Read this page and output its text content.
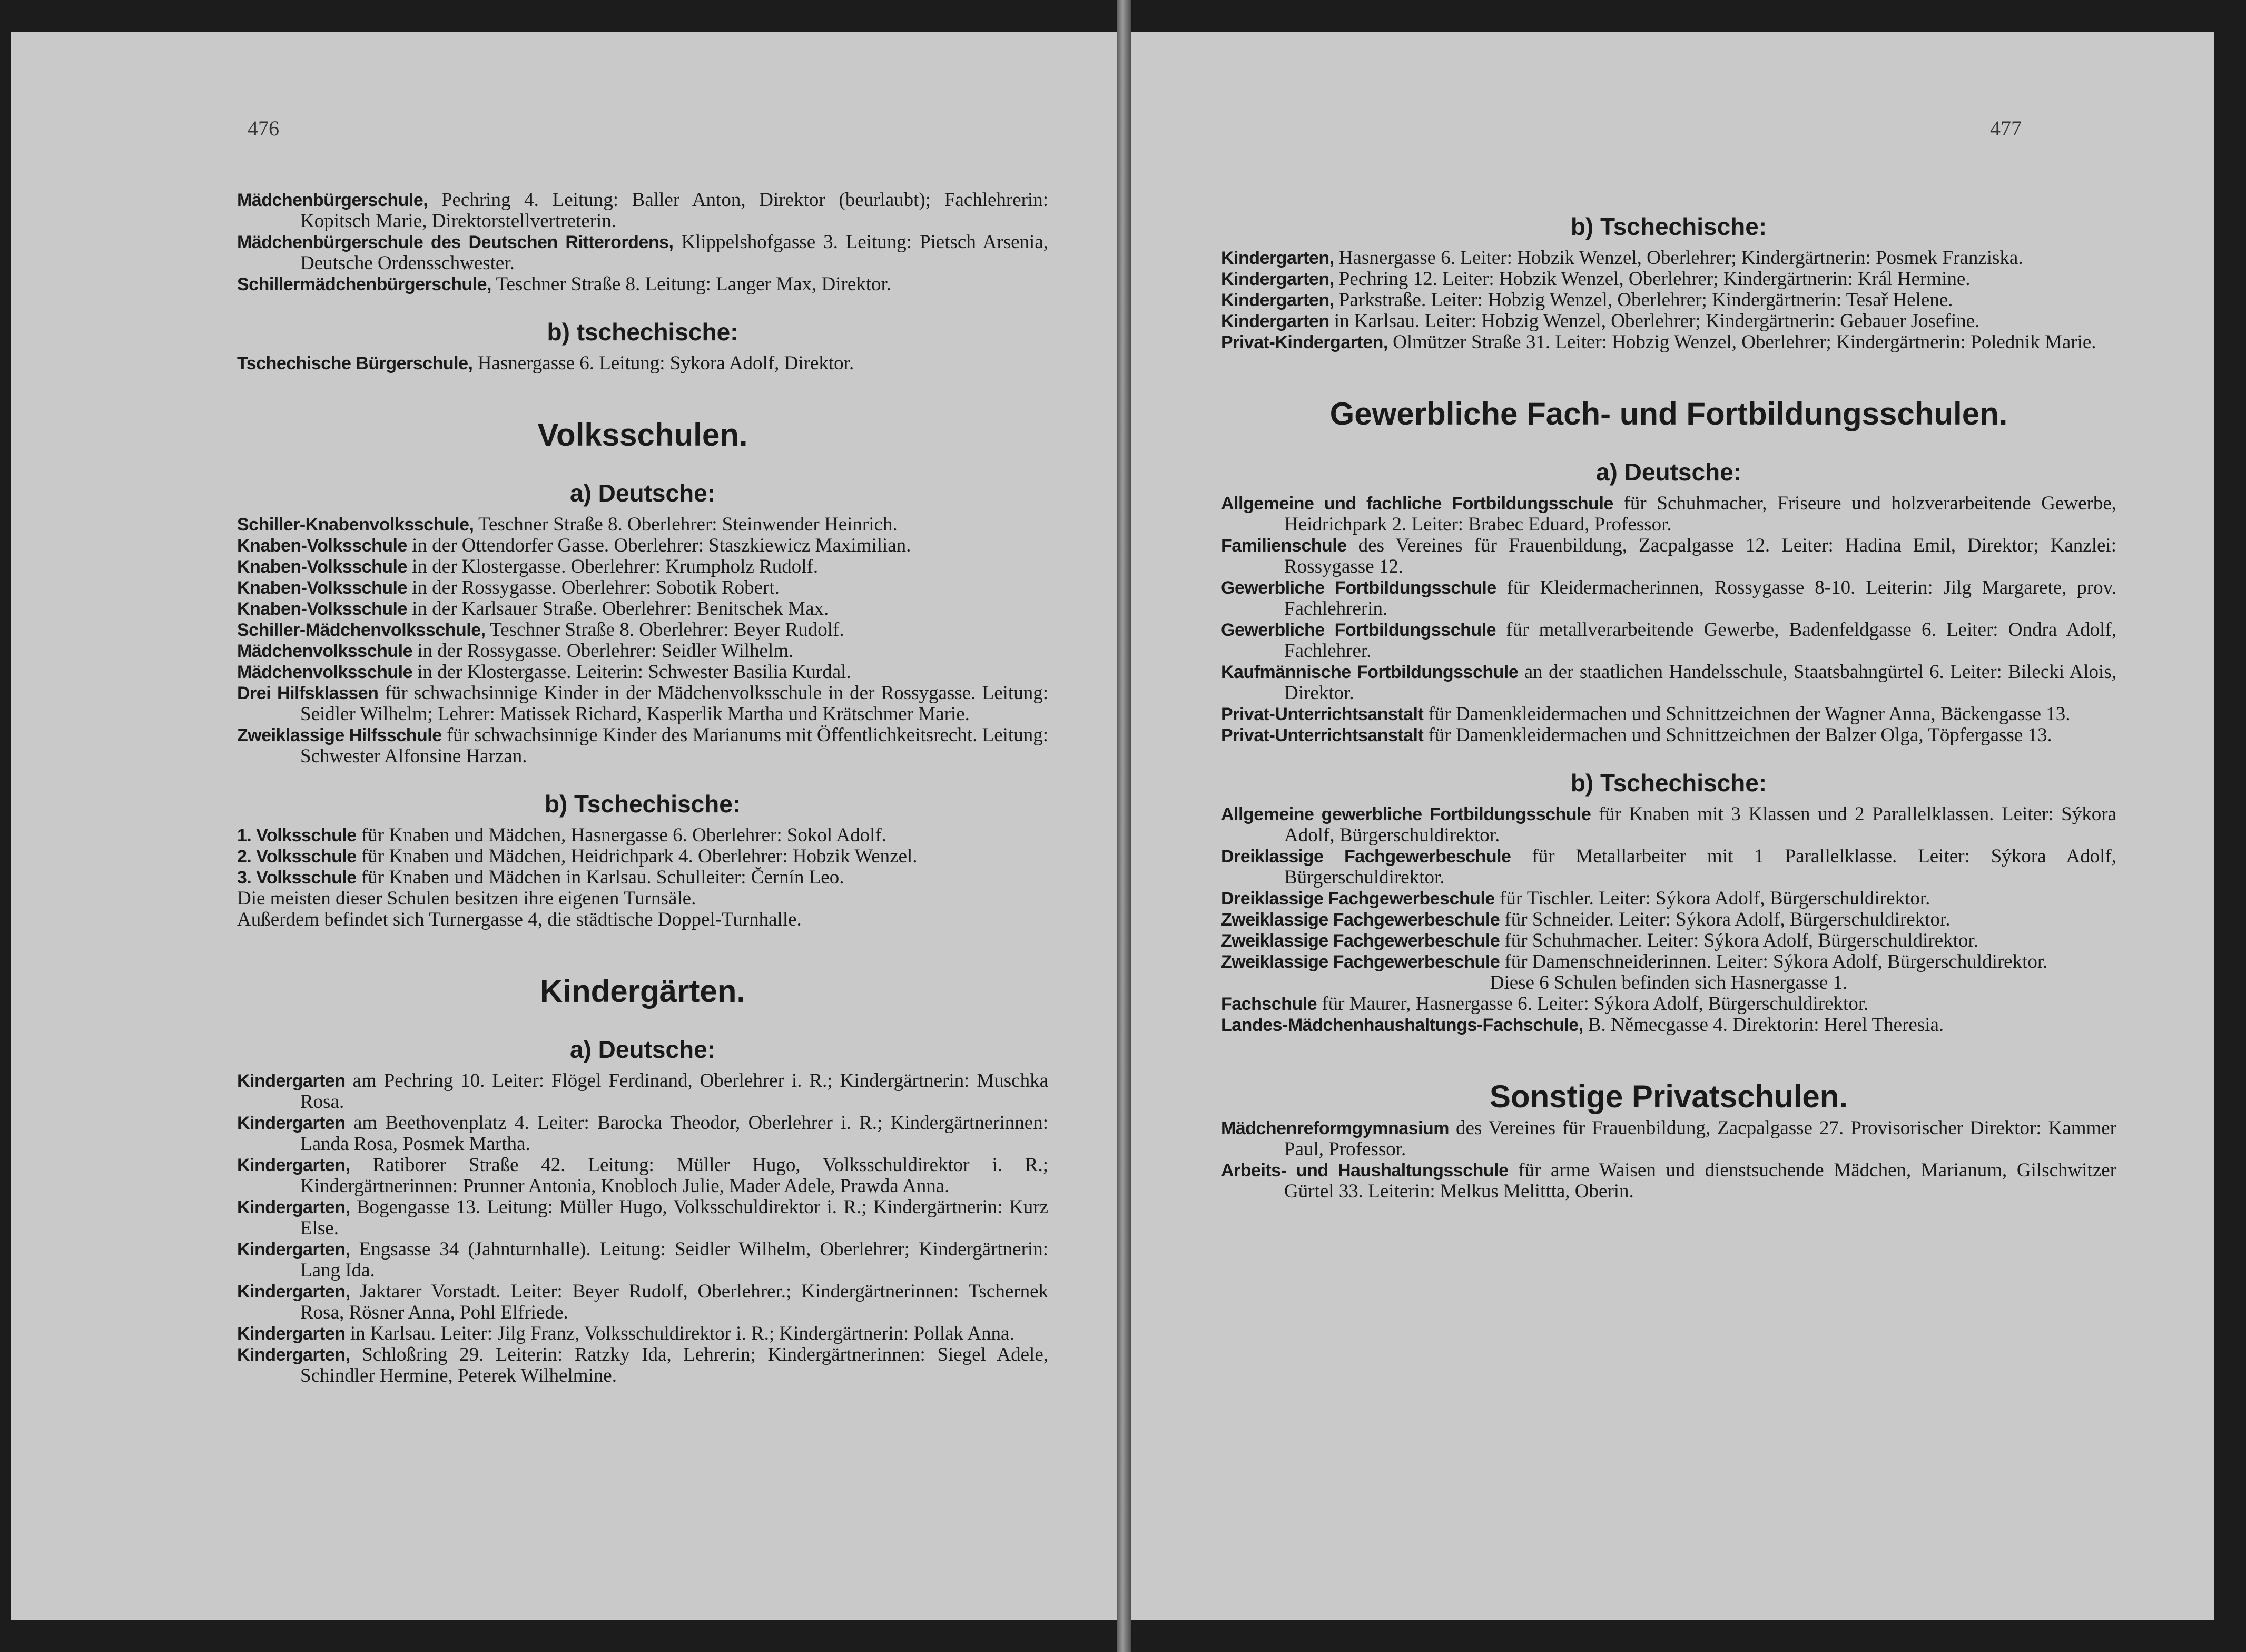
476

Mädchenbürgerschule, Pechring 4. Leitung: Baller Anton, Direktor (beurlaubt); Fachlehrerin: Kopitsch Marie, Direktorstellvertreterin.

Mädchenbürgerschule des Deutschen Ritterordens, Klippelshofgasse 3. Leitung: Pietsch Arsenia, Deutsche Ordensschwester.

Schillermädchenbürgerschule, Teschner Straße 8. Leitung: Langer Max, Direktor.

b) tschechische:

Tschechische Bürgerschule, Hasnergasse 6. Leitung: Sykora Adolf, Direktor.

Volksschulen.
a) Deutsche:

Schiller-Knabenvolksschule, Teschner Straße 8. Oberlehrer: Steinwender Heinrich.

Knaben-Volksschule in der Ottendorfer Gasse. Oberlehrer: Staszkiewicz Maximilian.

Knaben-Volksschule in der Klostergasse. Oberlehrer: Krumpholz Rudolf.

Knaben-Volksschule in der Rossygasse. Oberlehrer: Sobotik Robert.

Knaben-Volksschule in der Karlsauer Straße. Oberlehrer: Benitschek Max.

Schiller-Mädchenvolksschule, Teschner Straße 8. Oberlehrer: Beyer Rudolf.

Mädchenvolksschule in der Rossygasse. Oberlehrer: Seidler Wilhelm.

Mädchenvolksschule in der Klostergasse. Leiterin: Schwester Basilia Kurdal.

Drei Hilfsklassen für schwachsinnige Kinder in der Mädchenvolksschule in der Rossygasse. Leitung: Seidler Wilhelm; Lehrer: Matissek Richard, Kasperlik Martha und Krätschmer Marie.

Zweiklassige Hilfsschule für schwachsinnige Kinder des Marianums mit Öffentlichkeitsrecht. Leitung: Schwester Alfonsine Harzan.

b) Tschechische:

1. Volksschule für Knaben und Mädchen, Hasnergasse 6. Oberlehrer: Sokol Adolf.

2. Volksschule für Knaben und Mädchen, Heidrichpark 4. Oberlehrer: Hobzik Wenzel.

3. Volksschule für Knaben und Mädchen in Karlsau. Schulleiter: Černín Leo.

Die meisten dieser Schulen besitzen ihre eigenen Turnsäle.

Außerdem befindet sich Turnergasse 4, die städtische Doppel-Turnhalle.

Kindergärten.
a) Deutsche:

Kindergarten am Pechring 10. Leiter: Flögel Ferdinand, Oberlehrer i. R.; Kindergärtnerin: Muschka Rosa.

Kindergarten am Beethovenplatz 4. Leiter: Barocka Theodor, Oberlehrer i. R.; Kindergärtnerinnen: Landa Rosa, Posmek Martha.

Kindergarten, Ratiborer Straße 42. Leitung: Müller Hugo, Volksschuldirektor i. R.; Kindergärtnerinnen: Prunner Antonia, Knobloch Julie, Mader Adele, Prawda Anna.

Kindergarten, Bogengasse 13. Leitung: Müller Hugo, Volksschuldirektor i. R.; Kindergärtnerin: Kurz Else.

Kindergarten, Engsasse 34 (Jahnturnhalle). Leitung: Seidler Wilhelm, Oberlehrer; Kindergärtnerin: Lang Ida.

Kindergarten, Jaktarer Vorstadt. Leiter: Beyer Rudolf, Oberlehrer.; Kindergärtnerinnen: Tschernek Rosa, Rösner Anna, Pohl Elfriede.

Kindergarten in Karlsau. Leiter: Jilg Franz, Volksschuldirektor i. R.; Kindergärtnerin: Pollak Anna.

Kindergarten, Schloßring 29. Leiterin: Ratzky Ida, Lehrerin; Kindergärtnerinnen: Siegel Adele, Schindler Hermine, Peterek Wilhelmine.

477
b) Tschechische:

Kindergarten, Hasnergasse 6. Leiter: Hobzik Wenzel, Oberlehrer; Kindergärtnerin: Posmek Franziska.

Kindergarten, Pechring 12. Leiter: Hobzik Wenzel, Oberlehrer; Kindergärtnerin: Král Hermine.

Kindergarten, Parkstraße. Leiter: Hobzig Wenzel, Oberlehrer; Kindergärtnerin: Tesař Helene.

Kindergarten in Karlsau. Leiter: Hobzig Wenzel, Oberlehrer; Kindergärtnerin: Gebauer Josefine.

Privat-Kindergarten, Olmützer Straße 31. Leiter: Hobzig Wenzel, Oberlehrer; Kindergärtnerin: Polednik Marie.

Gewerbliche Fach- und Fortbildungsschulen.
a) Deutsche:

Allgemeine und fachliche Fortbildungsschule für Schuhmacher, Friseure und holzverarbeitende Gewerbe, Heidrichpark 2. Leiter: Brabec Eduard, Professor.

Familienschule des Vereines für Frauenbildung, Zacpalgasse 12. Leiter: Hadina Emil, Direktor; Kanzlei: Rossygasse 12.

Gewerbliche Fortbildungsschule für Kleidermacherinnen, Rossygasse 8-10. Leiterin: Jilg Margarete, prov. Fachlehrerin.

Gewerbliche Fortbildungsschule für metallverarbeitende Gewerbe, Badenfeldgasse 6. Leiter: Ondra Adolf, Fachlehrer.

Kaufmännische Fortbildungsschule an der staatlichen Handelsschule, Staatsbahngürtel 6. Leiter: Bilecki Alois, Direktor.

Privat-Unterrichtsanstalt für Damenkleidermachen und Schnittzeichnen der Wagner Anna, Bäckengasse 13.

Privat-Unterrichtsanstalt für Damenkleidermachen und Schnittzeichnen der Balzer Olga, Töpfergasse 13.

b) Tschechische:

Allgemeine gewerbliche Fortbildungsschule für Knaben mit 3 Klassen und 2 Parallelklassen. Leiter: Sýkora Adolf, Bürgerschuldirektor.

Dreiklassige Fachgewerbeschule für Metallarbeiter mit 1 Parallelklasse. Leiter: Sýkora Adolf, Bürgerschuldirektor.

Dreiklassige Fachgewerbeschule für Tischler. Leiter: Sýkora Adolf, Bürgerschuldirektor.

Zweiklassige Fachgewerbeschule für Schneider. Leiter: Sýkora Adolf, Bürgerschuldirektor.

Zweiklassige Fachgewerbeschule für Schuhmacher. Leiter: Sýkora Adolf, Bürgerschuldirektor.

Zweiklassige Fachgewerbeschule für Damenschneiderinnen. Leiter: Sýkora Adolf, Bürgerschuldirektor.

Diese 6 Schulen befinden sich Hasnergasse 1.

Fachschule für Maurer, Hasnergasse 6. Leiter: Sýkora Adolf, Bürgerschuldirektor.

Landes-Mädchenhaushaltungs-Fachschule, B. Němecgasse 4. Direktorin: Herel Theresia.

Sonstige Privatschulen.

Mädchenreformgymnasium des Vereines für Frauenbildung, Zacpalgasse 27. Provisorischer Direktor: Kammer Paul, Professor.

Arbeits- und Haushaltungsschule für arme Waisen und dienstsuchende Mädchen, Marianum, Gilschwitzer Gürtel 33. Leiterin: Melkus Melittta, Oberin.
